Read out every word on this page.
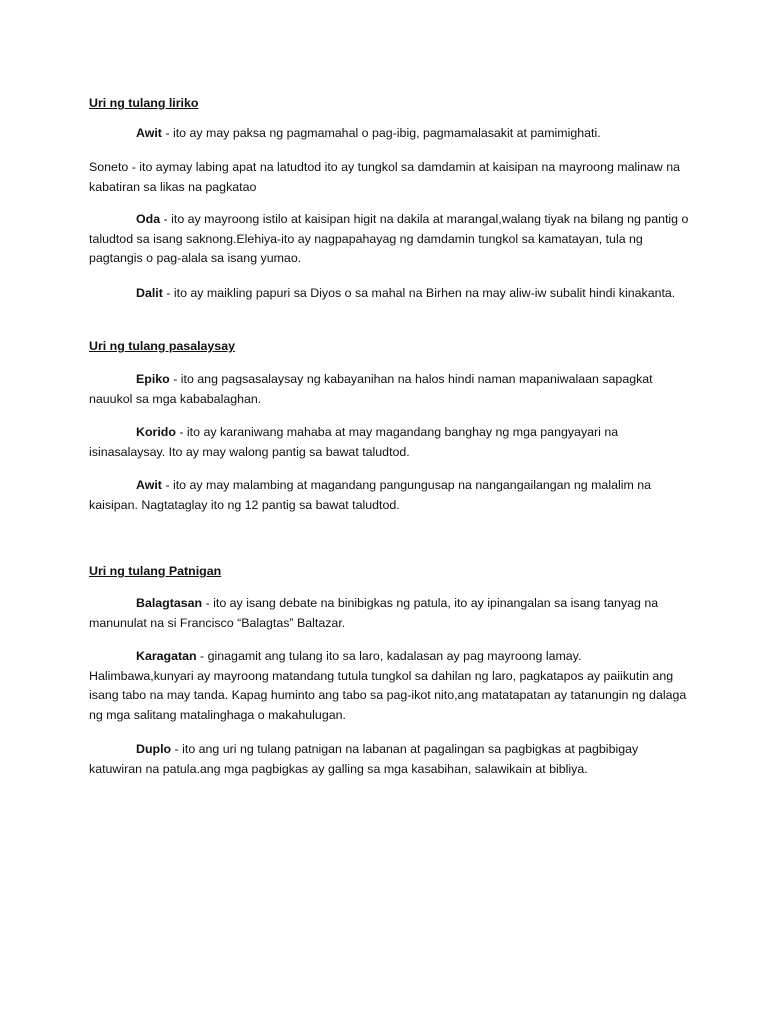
Uri ng tulang liriko

Awit - ito ay may paksa ng pagmamahal o pag-ibig, pagmamalasakit at pamimighati.

Soneto - ito aymay labing apat na latudtod ito ay tungkol sa damdamin at kaisipan na mayroong malinaw na kabatiran sa likas na pagkatao

Oda - ito ay mayroong istilo at kaisipan higit na dakila at marangal,walang tiyak na bilang ng pantig o taludtod sa isang saknong.Elehiya-ito ay nagpapahayag ng damdamin tungkol sa kamatayan, tula ng pagtangis o pag-alala sa isang yumao.

Dalit - ito ay maikling papuri sa Diyos o sa mahal na Birhen na may aliw-iw subalit hindi kinakanta.

Uri ng tulang pasalaysay

Epiko - ito ang pagsasalaysay ng kabayanihan na halos hindi naman mapaniwalaan sapagkat nauukol sa mga kababalaghan.

Korido - ito ay karaniwang mahaba at may magandang banghay ng mga pangyayari na isinasalaysay. Ito ay may walong pantig sa bawat taludtod.

Awit - ito ay may malambing at magandang pangungusap na nangangailangan ng malalim na kaisipan. Nagtataglay ito ng 12 pantig sa bawat taludtod.

Uri ng tulang Patnigan

Balagtasan - ito ay isang debate na binibigkas ng patula, ito ay ipinangalan sa isang tanyag na manunulat na si Francisco “Balagtas” Baltazar.

Karagatan - ginagamit ang tulang ito sa laro, kadalasan ay pag mayroong lamay. Halimbawa,kunyari ay mayroong matandang tutula tungkol sa dahilan ng laro, pagkatapos ay paiikutin ang isang tabo na may tanda. Kapag huminto ang tabo sa pag-ikot nito,ang matatapatan ay tatanungin ng dalaga ng mga salitang matalinghaga o makahulugan.

Duplo - ito ang uri ng tulang patnigan na labanan at pagalingan sa pagbigkas at pagbibigay katuwiran na patula.ang mga pagbigkas ay galling sa mga kasabihan, salawikain at bibliya.
